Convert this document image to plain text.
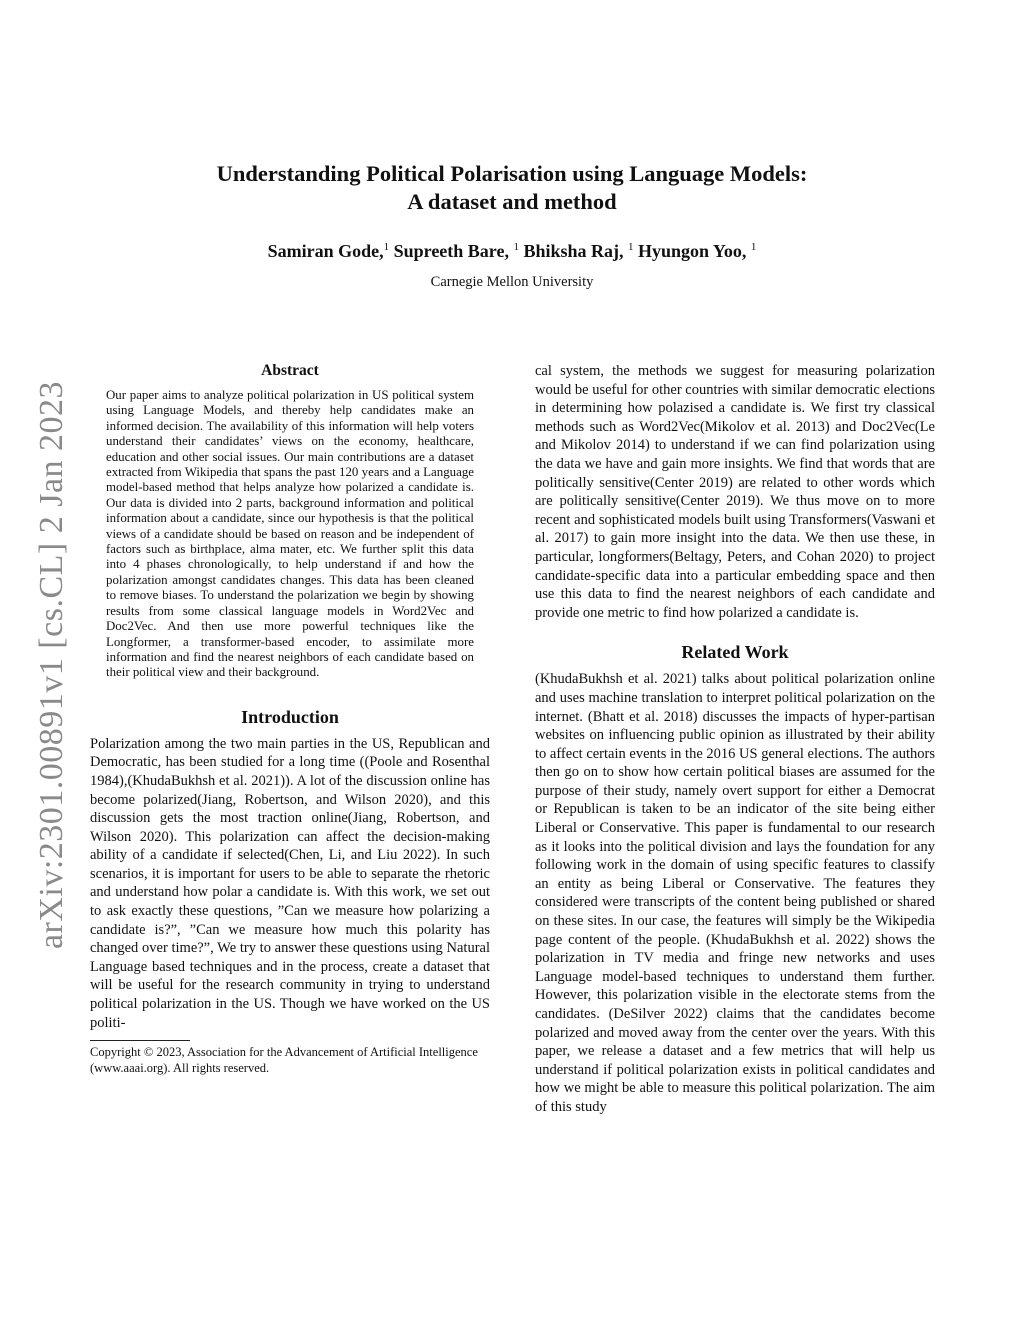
arXiv:2301.00891v1 [cs.CL] 2 Jan 2023
Understanding Political Polarisation using Language Models:
A dataset and method
Samiran Gode,$^1$ Supreeth Bare, $^1$ Bhiksha Raj, $^1$ Hyungon Yoo, $^1$
Carnegie Mellon University
Abstract

Our paper aims to analyze political polarization in US political system using Language Models, and thereby help candidates make an informed decision. The availability of this information will help voters understand their candidates’ views on the economy, healthcare, education and other social issues. Our main contributions are a dataset extracted from Wikipedia that spans the past 120 years and a Language model-based method that helps analyze how polarized a candidate is. Our data is divided into 2 parts, background information and political information about a candidate, since our hypothesis is that the political views of a candidate should be based on reason and be independent of factors such as birthplace, alma mater, etc. We further split this data into 4 phases chronologically, to help understand if and how the polarization amongst candidates changes. This data has been cleaned to remove biases. To understand the polarization we begin by showing results from some classical language models in Word2Vec and Doc2Vec. And then use more powerful techniques like the Longformer, a transformer-based encoder, to assimilate more information and find the nearest neighbors of each candidate based on their political view and their background.

Introduction

Polarization among the two main parties in the US, Republican and Democratic, has been studied for a long time ((Poole and Rosenthal 1984),(KhudaBukhsh et al. 2021)). A lot of the discussion online has become polarized(Jiang, Robertson, and Wilson 2020), and this discussion gets the most traction online(Jiang, Robertson, and Wilson 2020). This polarization can affect the decision-making ability of a candidate if selected(Chen, Li, and Liu 2022). In such scenarios, it is important for users to be able to separate the rhetoric and understand how polar a candidate is. With this work, we set out to ask exactly these questions, ”Can we measure how polarizing a candidate is?”, ”Can we measure how much this polarity has changed over time?”, We try to answer these questions using Natural Language based techniques and in the process, create a dataset that will be useful for the research community in trying to understand political polarization in the US. Though we have worked on the US politi-

Copyright © 2023, Association for the Advancement of Artificial Intelligence (www.aaai.org). All rights reserved.

cal system, the methods we suggest for measuring polarization would be useful for other countries with similar democratic elections in determining how polazised a candidate is. We first try classical methods such as Word2Vec(Mikolov et al. 2013) and Doc2Vec(Le and Mikolov 2014) to understand if we can find polarization using the data we have and gain more insights. We find that words that are politically sensitive(Center 2019) are related to other words which are politically sensitive(Center 2019). We thus move on to more recent and sophisticated models built using Transformers(Vaswani et al. 2017) to gain more insight into the data. We then use these, in particular, longformers(Beltagy, Peters, and Cohan 2020) to project candidate-specific data into a particular embedding space and then use this data to find the nearest neighbors of each candidate and provide one metric to find how polarized a candidate is.

Related Work

(KhudaBukhsh et al. 2021) talks about political polarization online and uses machine translation to interpret political polarization on the internet. (Bhatt et al. 2018) discusses the impacts of hyper-partisan websites on influencing public opinion as illustrated by their ability to affect certain events in the 2016 US general elections. The authors then go on to show how certain political biases are assumed for the purpose of their study, namely overt support for either a Democrat or Republican is taken to be an indicator of the site being either Liberal or Conservative. This paper is fundamental to our research as it looks into the political division and lays the foundation for any following work in the domain of using specific features to classify an entity as being Liberal or Conservative. The features they considered were transcripts of the content being published or shared on these sites. In our case, the features will simply be the Wikipedia page content of the people. (KhudaBukhsh et al. 2022) shows the polarization in TV media and fringe new networks and uses Language model-based techniques to understand them further. However, this polarization visible in the electorate stems from the candidates. (DeSilver 2022) claims that the candidates become polarized and moved away from the center over the years. With this paper, we release a dataset and a few metrics that will help us understand if political polarization exists in political candidates and how we might be able to measure this political polarization. The aim of this study
